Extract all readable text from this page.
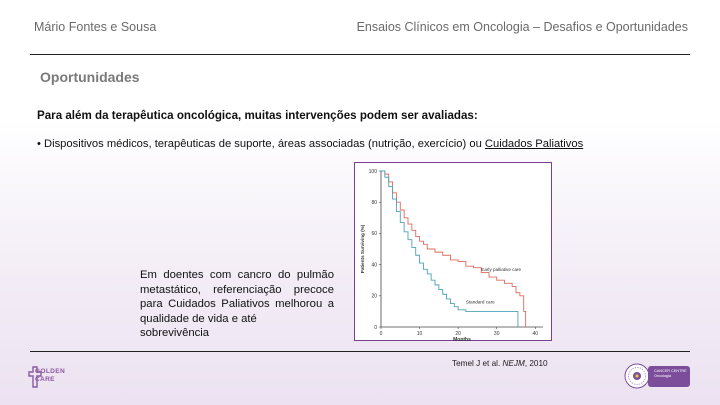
Mário Fontes e Sousa	Ensaios Clínicos em Oncologia – Desafios e Oportunidades
Oportunidades
Para além da terapêutica oncológica, muitas intervenções podem ser avaliadas:
• Dispositivos médicos, terapêuticas de suporte, áreas associadas (nutrição, exercício) ou Cuidados Paliativos
0
20
40
60
80
100
0	10	20	30	40
Months
Patients Surviving (%)	Early palliative care
Standard care
Em doentes com cancro do pulmão metastático, referenciação precoce para Cuidados Paliativos melhorou a qualidade de vida e até
sobrevivência
Temel J et al. NEJM, 2010
GOLDEN
CARE
CANCER CENTRE
Oncologia
